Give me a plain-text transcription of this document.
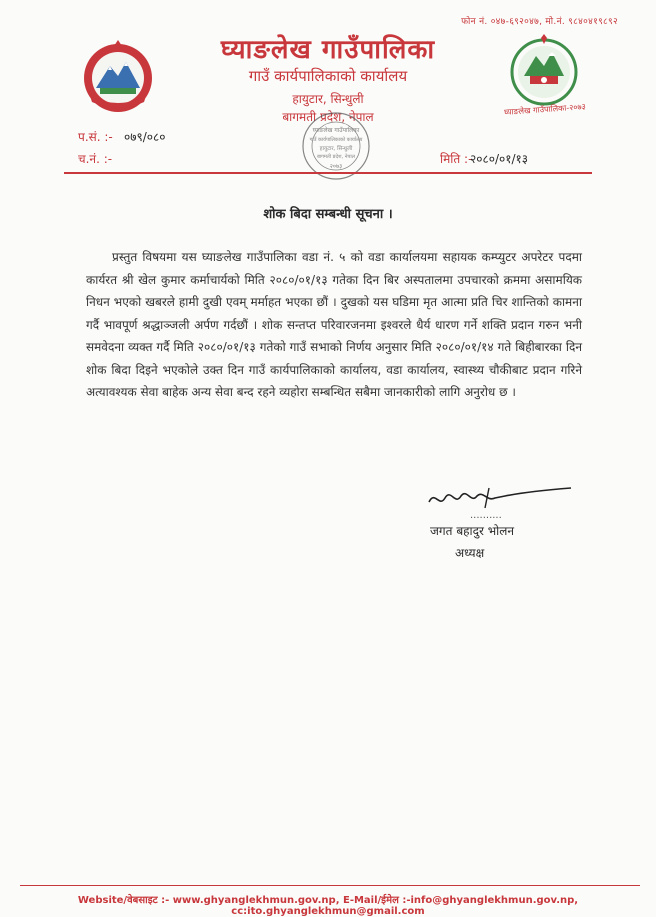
फोन नं. ०४७-६९२०४७, मो.नं. ९८४०४१९८९२
घ्याङलेख गाउँपालिका
गाउँ कार्यपालिकाको कार्यालय
हायुटार, सिन्धुली
बागमती प्रदेश, नेपाल
घ्याङलेख गाउँपालिका-२०७३
प.सं. :- ०७९/०८०
च.नं. :-	मिति :-
२०८०/०१/१३
घ्याङलेख गाउँपालिका
गाउँ कार्यपालिकाको कार्यालय
हायुटार, सिन्धुली
बागमती प्रदेश, नेपाल
२०७३
शोक बिदा सम्बन्धी सूचना ।
प्रस्तुत विषयमा यस घ्याङलेख गाउँपालिका वडा नं. ५ को वडा कार्यालयमा सहायक कम्प्युटर अपरेटर पदमा कार्यरत श्री खेल कुमार कर्माचार्यको मिति २०८०/०१/१३ गतेका दिन बिर अस्पतालमा उपचारको क्रममा असामयिक निधन भएको खबरले हामी दुखी एवम् मर्माहत भएका छौं । दुखको यस घडिमा मृत आत्मा प्रति चिर शान्तिको कामना गर्दै भावपूर्ण श्रद्धाञ्जली अर्पण गर्दछौं । शोक सन्तप्त परिवारजनमा इश्वरले धैर्य धारण गर्ने शक्ति प्रदान गरुन भनी समवेदना व्यक्त गर्दै मिति २०८०/०१/१३ गतेको गाउँ सभाको निर्णय अनुसार मिति २०८०/०१/१४ गते बिहीबारका दिन शोक बिदा दिइने भएकोले उक्त दिन गाउँ कार्यपालिकाको कार्यालय, वडा कार्यालय, स्वास्थ्य चौकीबाट प्रदान गरिने अत्यावश्यक सेवा बाहेक अन्य सेवा बन्द रहने व्यहोरा सम्बन्धित सबैमा जानकारीको लागि अनुरोध छ ।
..........
जगत बहादुर भोलन
अध्यक्ष
Website/वेबसाइट :- www.ghyanglekhmun.gov.np, E-Mail/ईमेल :-info@ghyanglekhmun.gov.np, cc:ito.ghyanglekhmun@gmail.com
